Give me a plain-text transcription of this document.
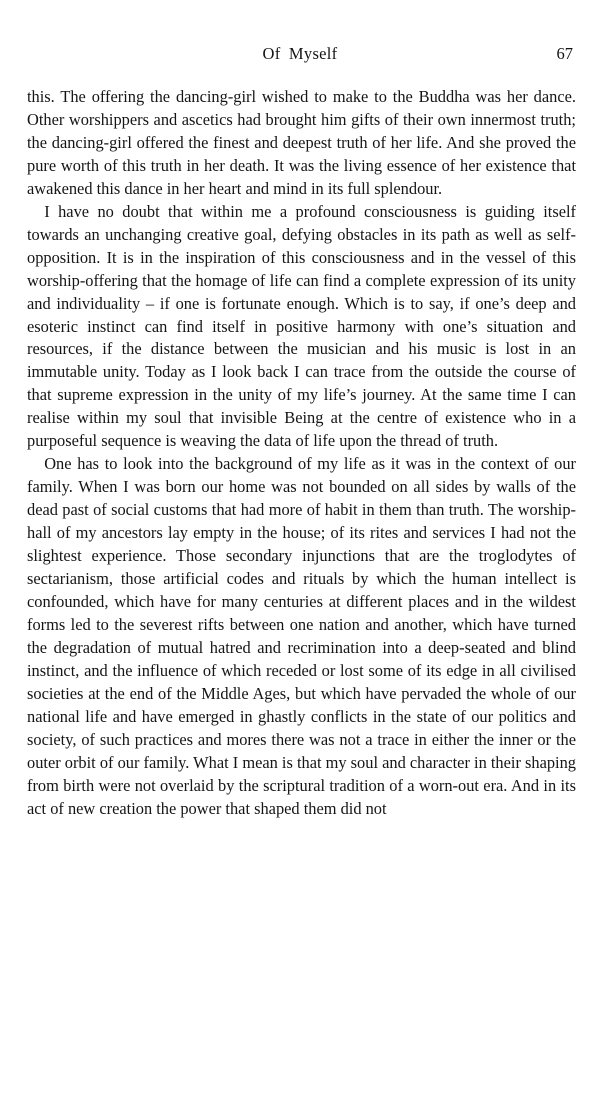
Of Myself	67

this. The offering the dancing-girl wished to make to the Buddha was her dance. Other worshippers and ascetics had brought him gifts of their own innermost truth; the dancing-girl offered the finest and deepest truth of her life. And she proved the pure worth of this truth in her death. It was the living essence of her existence that awakened this dance in her heart and mind in its full splendour.

I have no doubt that within me a profound consciousness is guiding itself towards an unchanging creative goal, defying obstacles in its path as well as self-opposition. It is in the inspiration of this consciousness and in the vessel of this worship-offering that the homage of life can find a complete expression of its unity and individuality – if one is fortunate enough. Which is to say, if one’s deep and esoteric instinct can find itself in positive harmony with one’s situation and resources, if the distance between the musician and his music is lost in an immutable unity. Today as I look back I can trace from the outside the course of that supreme expression in the unity of my life’s journey. At the same time I can realise within my soul that invisible Being at the centre of existence who in a purposeful sequence is weaving the data of life upon the thread of truth.

One has to look into the background of my life as it was in the context of our family. When I was born our home was not bounded on all sides by walls of the dead past of social customs that had more of habit in them than truth. The worship-hall of my ancestors lay empty in the house; of its rites and services I had not the slightest experience. Those secondary injunctions that are the troglodytes of sectarianism, those artificial codes and rituals by which the human intellect is confounded, which have for many centuries at different places and in the wildest forms led to the severest rifts between one nation and another, which have turned the degradation of mutual hatred and recrimination into a deep-seated and blind instinct, and the influence of which receded or lost some of its edge in all civilised societies at the end of the Middle Ages, but which have pervaded the whole of our national life and have emerged in ghastly conflicts in the state of our politics and society, of such practices and mores there was not a trace in either the inner or the outer orbit of our family. What I mean is that my soul and character in their shaping from birth were not overlaid by the scriptural tradition of a worn-out era. And in its act of new creation the power that shaped them did not
